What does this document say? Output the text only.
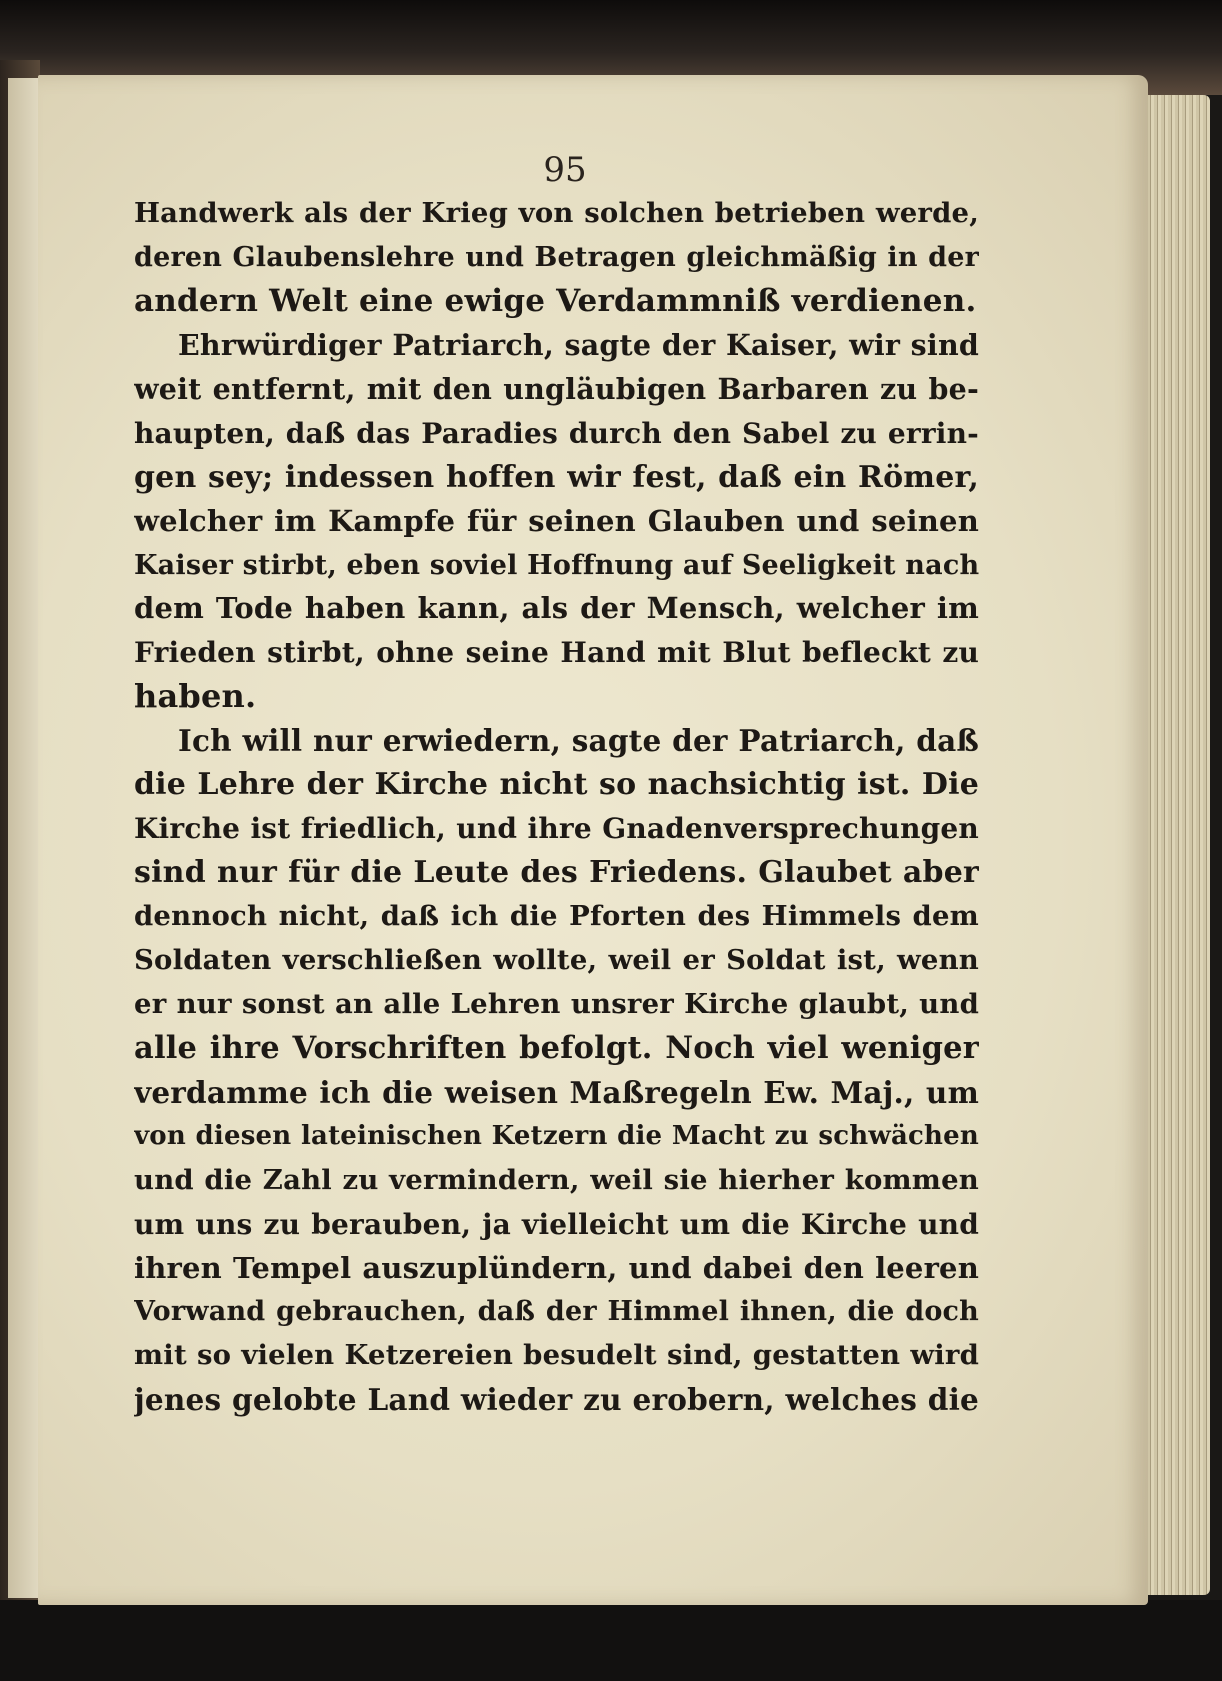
95
Handwerk als der Krieg von solchen betrieben werde,
deren Glaubenslehre und Betragen gleichmäßig in der
andern Welt eine ewige Verdammniß verdienen.
Ehrwürdiger Patriarch, sagte der Kaiser, wir sind
weit entfernt, mit den ungläubigen Barbaren zu be-
haupten, daß das Paradies durch den Sabel zu errin-
gen sey; indessen hoffen wir fest, daß ein Römer,
welcher im Kampfe für seinen Glauben und seinen
Kaiser stirbt, eben soviel Hoffnung auf Seeligkeit nach
dem Tode haben kann, als der Mensch, welcher im
Frieden stirbt, ohne seine Hand mit Blut befleckt zu
haben.
Ich will nur erwiedern, sagte der Patriarch, daß
die Lehre der Kirche nicht so nachsichtig ist. Die
Kirche ist friedlich, und ihre Gnadenversprechungen
sind nur für die Leute des Friedens. Glaubet aber
dennoch nicht, daß ich die Pforten des Himmels dem
Soldaten verschließen wollte, weil er Soldat ist, wenn
er nur sonst an alle Lehren unsrer Kirche glaubt, und
alle ihre Vorschriften befolgt. Noch viel weniger
verdamme ich die weisen Maßregeln Ew. Maj., um
von diesen lateinischen Ketzern die Macht zu schwächen
und die Zahl zu vermindern, weil sie hierher kommen
um uns zu berauben, ja vielleicht um die Kirche und
ihren Tempel auszuplündern, und dabei den leeren
Vorwand gebrauchen, daß der Himmel ihnen, die doch
mit so vielen Ketzereien besudelt sind, gestatten wird
jenes gelobte Land wieder zu erobern, welches die
